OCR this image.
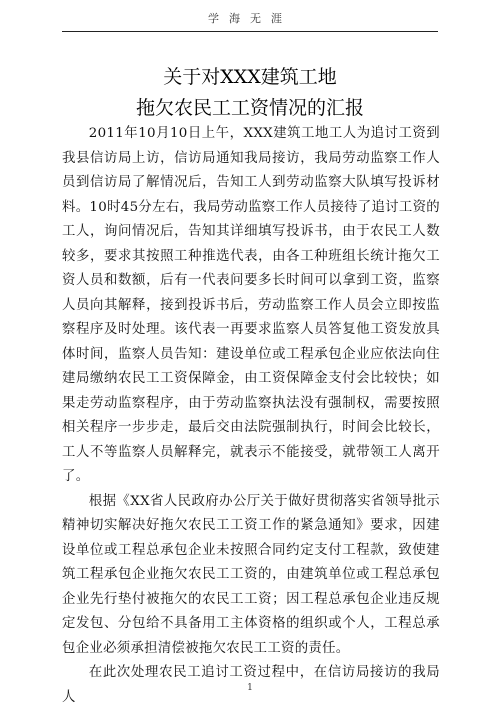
学海无涯
关于对XXX建筑工地
拖欠农民工工资情况的汇报

2011年10月10日上午，XXX建筑工地工人为追讨工资到我县信访局上访，信访局通知我局接访，我局劳动监察工作人员到信访局了解情况后，告知工人到劳动监察大队填写投诉材料。10时45分左右，我局劳动监察工作人员接待了追讨工资的工人，询问情况后，告知其详细填写投诉书，由于农民工人数较多，要求其按照工种推选代表，由各工种班组长统计拖欠工资人员和数额，后有一代表问要多长时间可以拿到工资，监察人员向其解释，接到投诉书后，劳动监察工作人员会立即按监察程序及时处理。该代表一再要求监察人员答复他工资发放具体时间，监察人员告知：建设单位或工程承包企业应依法向住建局缴纳农民工工资保障金，由工资保障金支付会比较快；如果走劳动监察程序，由于劳动监察执法没有强制权，需要按照相关程序一步步走，最后交由法院强制执行，时间会比较长，工人不等监察人员解释完，就表示不能接受，就带领工人离开了。

根据《XX省人民政府办公厅关于做好贯彻落实省领导批示精神切实解决好拖欠农民工工资工作的紧急通知》要求，因建设单位或工程总承包企业未按照合同约定支付工程款，致使建筑工程承包企业拖欠农民工工资的，由建筑单位或工程总承包企业先行垫付被拖欠的农民工工资；因工程总承包企业违反规定发包、分包给不具备用工主体资格的组织或个人，工程总承包企业必须承担清偿被拖欠农民工工资的责任。

在此次处理农民工追讨工资过程中，在信访局接访的我局人

1
